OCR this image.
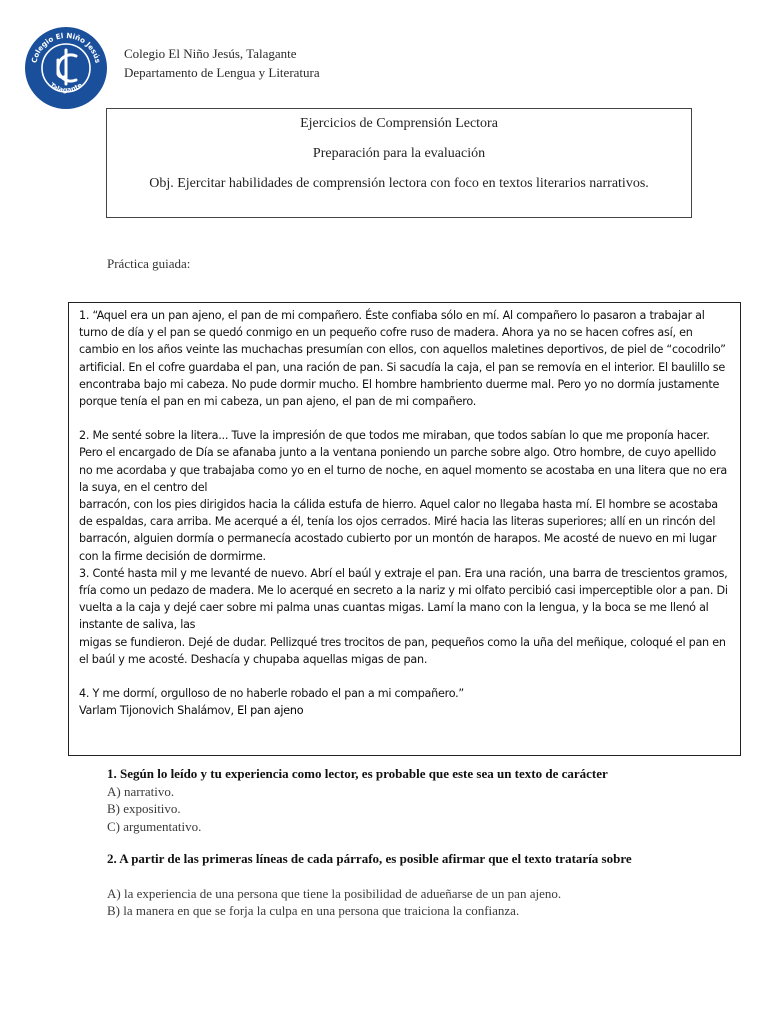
Colegio El Niño Jesús
Talagante
Colegio El Niño Jesús, Talagante
Departamento de Lengua y Literatura
Ejercicios de Comprensión Lectora
Preparación para la evaluación
Obj. Ejercitar habilidades de comprensión lectora con foco en textos literarios narrativos.
Práctica guiada:

1. “Aquel era un pan ajeno, el pan de mi compañero. Éste confiaba sólo en mí. Al compañero lo pasaron a trabajar al turno de día y el pan se quedó conmigo en un pequeño cofre ruso de madera. Ahora ya no se hacen cofres así, en cambio en los años veinte las muchachas presumían con ellos, con aquellos maletines deportivos, de piel de “cocodrilo” artificial. En el cofre guardaba el pan, una ración de pan. Si sacudía la caja, el pan se removía en el interior. El baulillo se encontraba bajo mi cabeza. No pude dormir mucho. El hombre hambriento duerme mal. Pero yo no dormía justamente porque tenía el pan en mi cabeza, un pan ajeno, el pan de mi compañero.

2. Me senté sobre la litera... Tuve la impresión de que todos me miraban, que todos sabían lo que me proponía hacer. Pero el encargado de Día se afanaba junto a la ventana poniendo un parche sobre algo. Otro hombre, de cuyo apellido no me acordaba y que trabajaba como yo en el turno de noche, en aquel momento se acostaba en una litera que no era la suya, en el centro del

barracón, con los pies dirigidos hacia la cálida estufa de hierro. Aquel calor no llegaba hasta mí. El hombre se acostaba de espaldas, cara arriba. Me acerqué a él, tenía los ojos cerrados. Miré hacia las literas superiores; allí en un rincón del barracón, alguien dormía o permanecía acostado cubierto por un montón de harapos. Me acosté de nuevo en mi lugar con la firme decisión de dormirme.

3. Conté hasta mil y me levanté de nuevo. Abrí el baúl y extraje el pan. Era una ración, una barra de trescientos gramos, fría como un pedazo de madera. Me lo acerqué en secreto a la nariz y mi olfato percibió casi imperceptible olor a pan. Di vuelta a la caja y dejé caer sobre mi palma unas cuantas migas. Lamí la mano con la lengua, y la boca se me llenó al instante de saliva, las

migas se fundieron. Dejé de dudar. Pellizqué tres trocitos de pan, pequeños como la uña del meñique, coloqué el pan en el baúl y me acosté. Deshacía y chupaba aquellas migas de pan.

4. Y me dormí, orgulloso de no haberle robado el pan a mi compañero.”

Varlam Tijonovich Shalámov, El pan ajeno

1. Según lo leído y tu experiencia como lector, es probable que este sea un texto de carácter
A) narrativo.
B) expositivo.
C) argumentativo.
2. A partir de las primeras líneas de cada párrafo, es posible afirmar que el texto trataría sobre
A) la experiencia de una persona que tiene la posibilidad de adueñarse de un pan ajeno.
B) la manera en que se forja la culpa en una persona que traiciona la confianza.
